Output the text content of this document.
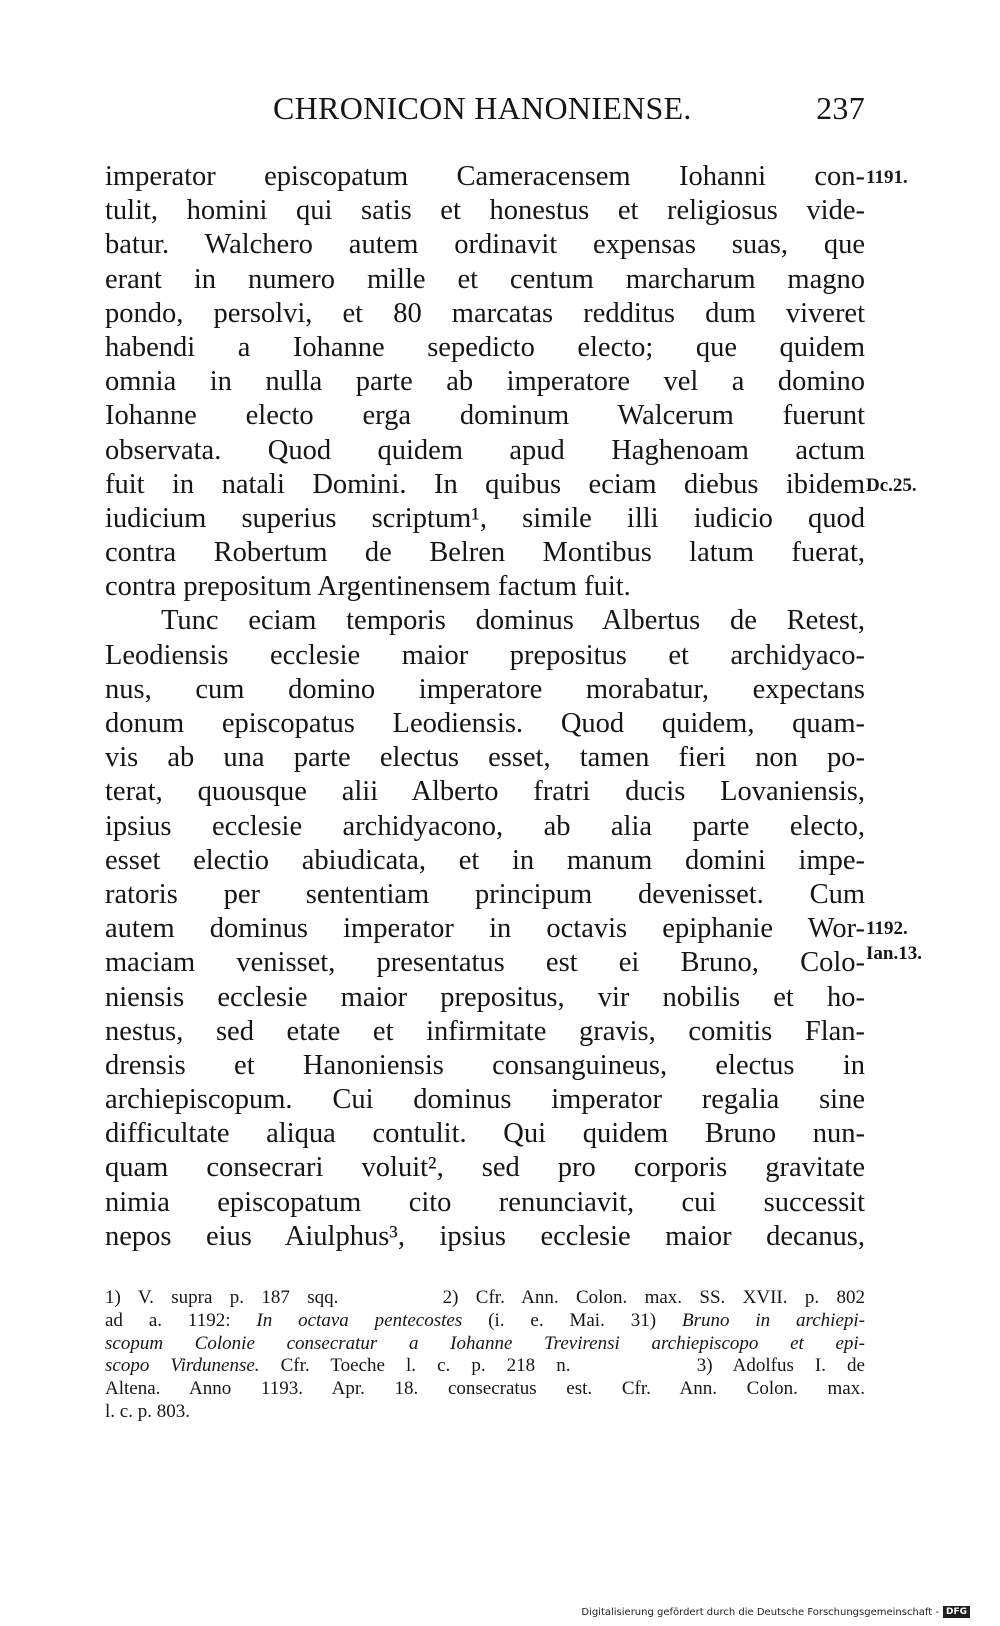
CHRONICON HANONIENSE.	237
imperator episcopatum Cameracensem Iohanni con-
tulit, homini qui satis et honestus et religiosus vide-
batur. Walchero autem ordinavit expensas suas, que
erant in numero mille et centum marcharum magno
pondo, persolvi, et 80 marcatas redditus dum viveret
habendi a Iohanne sepedicto electo; que quidem
omnia in nulla parte ab imperatore vel a domino
Iohanne electo erga dominum Walcerum fuerunt
observata. Quod quidem apud Haghenoam actum
fuit in natali Domini. In quibus eciam diebus ibidem
iudicium superius scriptum¹, simile illi iudicio quod
contra Robertum de Belren Montibus latum fuerat,
contra prepositum Argentinensem factum fuit.
Tunc eciam temporis dominus Albertus de Retest,
Leodiensis ecclesie maior prepositus et archidyaco-
nus, cum domino imperatore morabatur, expectans
donum episcopatus Leodiensis. Quod quidem, quam-
vis ab una parte electus esset, tamen fieri non po-
terat, quousque alii Alberto fratri ducis Lovaniensis,
ipsius ecclesie archidyacono, ab alia parte electo,
esset electio abiudicata, et in manum domini impe-
ratoris per sententiam principum devenisset. Cum
autem dominus imperator in octavis epiphanie Wor-
maciam venisset, presentatus est ei Bruno, Colo-
niensis ecclesie maior prepositus, vir nobilis et ho-
nestus, sed etate et infirmitate gravis, comitis Flan-
drensis et Hanoniensis consanguineus, electus in
archiepiscopum. Cui dominus imperator regalia sine
difficultate aliqua contulit. Qui quidem Bruno nun-
quam consecrari voluit², sed pro corporis gravitate
nimia episcopatum cito renunciavit, cui successit
nepos eius Aiulphus³, ipsius ecclesie maior decanus,
1191.
Dc.25.
1192.
Ian.13.
1) V. supra p. 187 sqq.      2) Cfr. Ann. Colon. max. SS. XVII. p. 802
ad a. 1192: In octava pentecostes (i. e. Mai. 31) Bruno in archiepi-
scopum Colonie consecratur a Iohanne Trevirensi archiepiscopo et epi-
scopo Virdunense. Cfr. Toeche l. c. p. 218 n.      3) Adolfus I. de
Altena. Anno 1193. Apr. 18. consecratus est. Cfr. Ann. Colon. max.
l. c. p. 803.
Digitalisierung gefördert durch die Deutsche Forschungsgemeinschaft - DFG
